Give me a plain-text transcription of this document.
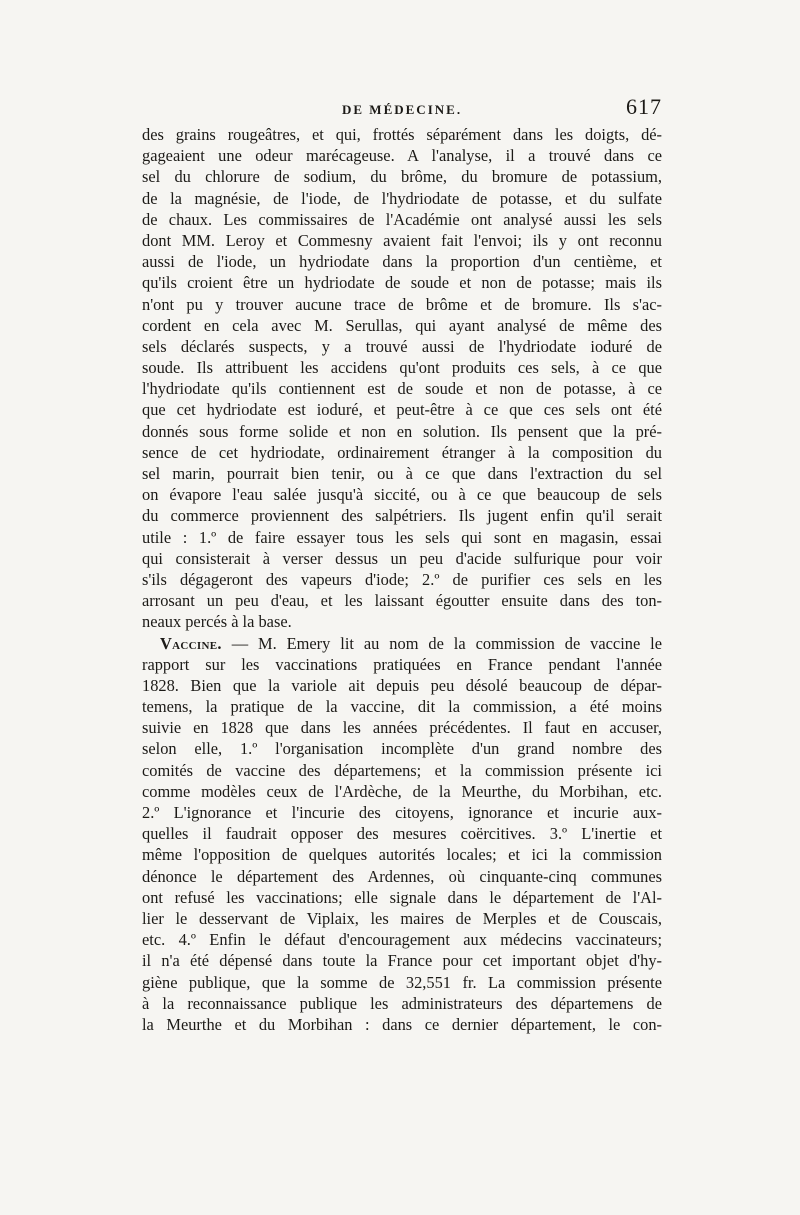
DE MÉDECINE.	617
des grains rougeâtres, et qui, frottés séparément dans les doigts, dé-
gageaient une odeur marécageuse. A l'analyse, il a trouvé dans ce
sel du chlorure de sodium, du brôme, du bromure de potassium,
de la magnésie, de l'iode, de l'hydriodate de potasse, et du sulfate
de chaux. Les commissaires de l'Académie ont analysé aussi les sels
dont MM. Leroy et Commesny avaient fait l'envoi; ils y ont reconnu
aussi de l'iode, un hydriodate dans la proportion d'un centième, et
qu'ils croient être un hydriodate de soude et non de potasse; mais ils
n'ont pu y trouver aucune trace de brôme et de bromure. Ils s'ac-
cordent en cela avec M. Serullas, qui ayant analysé de même des
sels déclarés suspects, y a trouvé aussi de l'hydriodate ioduré de
soude. Ils attribuent les accidens qu'ont produits ces sels, à ce que
l'hydriodate qu'ils contiennent est de soude et non de potasse, à ce
que cet hydriodate est ioduré, et peut-être à ce que ces sels ont été
donnés sous forme solide et non en solution. Ils pensent que la pré-
sence de cet hydriodate, ordinairement étranger à la composition du
sel marin, pourrait bien tenir, ou à ce que dans l'extraction du sel
on évapore l'eau salée jusqu'à siccité, ou à ce que beaucoup de sels
du commerce proviennent des salpétriers. Ils jugent enfin qu'il serait
utile : 1.º de faire essayer tous les sels qui sont en magasin, essai
qui consisterait à verser dessus un peu d'acide sulfurique pour voir
s'ils dégageront des vapeurs d'iode; 2.º de purifier ces sels en les
arrosant un peu d'eau, et les laissant égoutter ensuite dans des ton-
neaux percés à la base.
Vaccine. — M. Emery lit au nom de la commission de vaccine le
rapport sur les vaccinations pratiquées en France pendant l'année
1828. Bien que la variole ait depuis peu désolé beaucoup de dépar-
temens, la pratique de la vaccine, dit la commission, a été moins
suivie en 1828 que dans les années précédentes. Il faut en accuser,
selon elle, 1.º l'organisation incomplète d'un grand nombre des
comités de vaccine des départemens; et la commission présente ici
comme modèles ceux de l'Ardèche, de la Meurthe, du Morbihan, etc.
2.º L'ignorance et l'incurie des citoyens, ignorance et incurie aux-
quelles il faudrait opposer des mesures coërcitives. 3.º L'inertie et
même l'opposition de quelques autorités locales; et ici la commission
dénonce le département des Ardennes, où cinquante-cinq communes
ont refusé les vaccinations; elle signale dans le département de l'Al-
lier le desservant de Viplaix, les maires de Merples et de Couscais,
etc. 4.º Enfin le défaut d'encouragement aux médecins vaccinateurs;
il n'a été dépensé dans toute la France pour cet important objet d'hy-
giène publique, que la somme de 32,551 fr. La commission présente
à la reconnaissance publique les administrateurs des départemens de
la Meurthe et du Morbihan : dans ce dernier département, le con-
